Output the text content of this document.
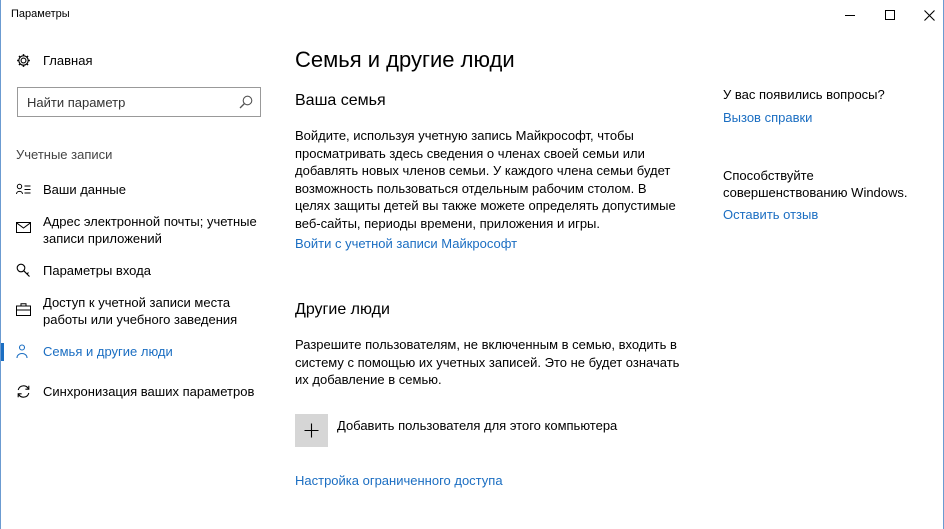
Параметры
Главная
Найти параметр
Учетные записи
Ваши данные
Адрес электронной почты; учетные записи приложений
Параметры входа
Доступ к учетной записи места работы или учебного заведения
Семья и другие люди
Синхронизация ваших параметров
Семья и другие люди
Ваша семья
Войдите, используя учетную запись Майкрософт, чтобы просматривать здесь сведения о членах своей семьи или добавлять новых членов семьи. У каждого члена семьи будет возможность пользоваться отдельным рабочим столом. В целях защиты детей вы также можете определять допустимые веб-сайты, периоды времени, приложения и игры.
Войти с учетной записи Майкрософт
Другие люди
Разрешите пользователям, не включенным в семью, входить в систему с помощью их учетных записей. Это не будет означать их добавление в семью.
Добавить пользователя для этого компьютера
Настройка ограниченного доступа
У вас появились вопросы?
Вызов справки
Способствуйте совершенствованию Windows.
Оставить отзыв
